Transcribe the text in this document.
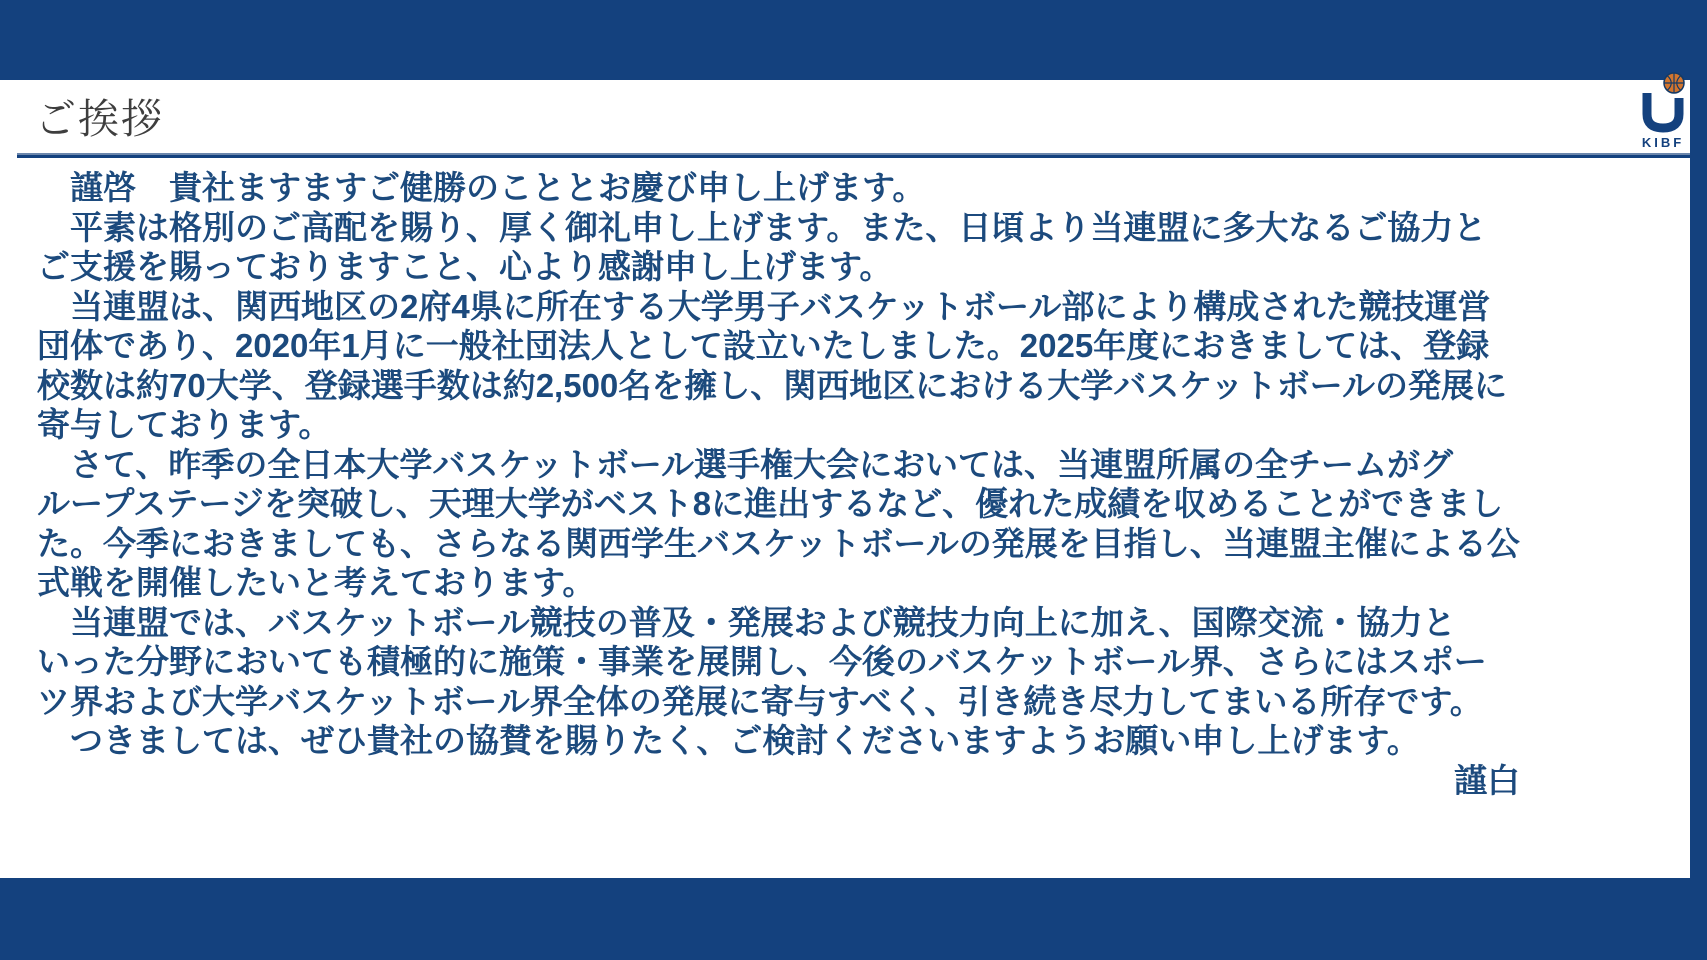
ご挨拶
KIBF
　謹啓　貴社ますますご健勝のこととお慶び申し上げます。
　平素は格別のご高配を賜り、厚く御礼申し上げます。また、日頃より当連盟に多大なるご協力と
ご支援を賜っておりますこと、心より感謝申し上げます。
　当連盟は、関西地区の2府4県に所在する大学男子バスケットボール部により構成された競技運営
団体であり、2020年1月に一般社団法人として設立いたしました。2025年度におきましては、登録
校数は約70大学、登録選手数は約2,500名を擁し、関西地区における大学バスケットボールの発展に
寄与しております。
　さて、昨季の全日本大学バスケットボール選手権大会においては、当連盟所属の全チームがグ
ループステージを突破し、天理大学がベスト8に進出するなど、優れた成績を収めることができまし
た。今季におきましても、さらなる関西学生バスケットボールの発展を目指し、当連盟主催による公
式戦を開催したいと考えております。
　当連盟では、バスケットボール競技の普及・発展および競技力向上に加え、国際交流・協力と
いった分野においても積極的に施策・事業を展開し、今後のバスケットボール界、さらにはスポー
ツ界および大学バスケットボール界全体の発展に寄与すべく、引き続き尽力してまいる所存です。
　つきましては、ぜひ貴社の協賛を賜りたく、ご検討くださいますようお願い申し上げます。
謹白
